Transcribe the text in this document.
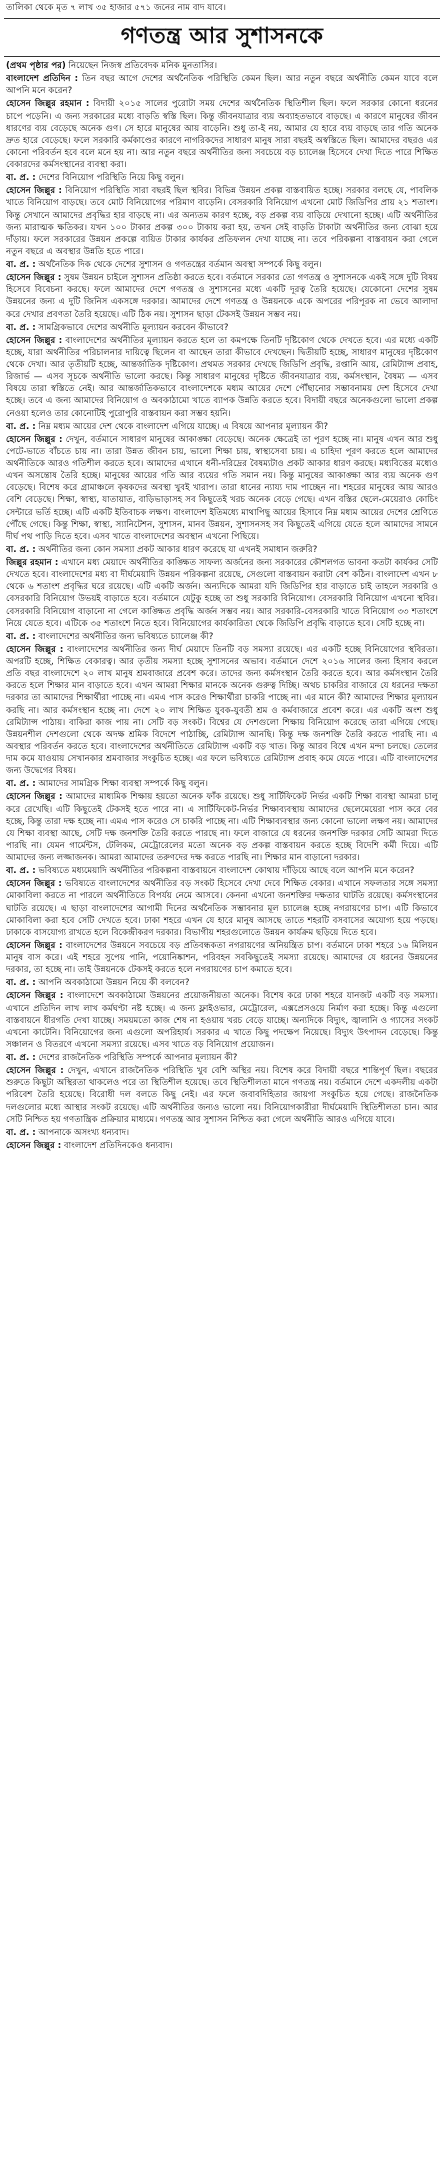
তালিকা থেকে মৃত ৭ লাখ ৩৫ হাজার ৫৭১ জনের নাম বাদ যাবে।
গণতন্ত্র আর সুশাসনকে

(প্রথম পৃষ্ঠার পর) নিয়েছেন নিজস্ব প্রতিবেদক মনিক মুনতাসির।

বাংলাদেশ প্রতিদিন : তিন বছর আগে দেশের অর্থনৈতিক পরিস্থিতি কেমন ছিল। আর নতুন বছরে অর্থনীতি কেমন যাবে বলে আপনি মনে করেন?

হোসেন জিল্লুর রহমান : বিদায়ী ২০১৫ সালের পুরোটা সময় দেশের অর্থনৈতিক স্থিতিশীল ছিল। ফলে সরকার কোনো ধরনের চাপে পড়েনি। এ জন্য সরকারের মধ্যে বাড়তি স্বস্তি ছিল। কিন্তু জীবনযাত্রার ব্যয় অব্যাহতভাবে বাড়ছে। এ কারণে মানুষের জীবন ধারণের ব্যয় বেড়েছে অনেক গুণ। সে হারে মানুষের আয় বাড়েনি। শুধু তা-ই নয়, আমার যে হারে ব্যয় বাড়ছে তার গতি অনেক দ্রুত হারে বেড়েছে। ফলে সরকারি কর্মকাণ্ডের কারণে নাগরিকদের সাধারণ মানুষ সারা বছরই অস্বস্তিতে ছিল। আমাদের বছরও এর কোনো পরিবর্তন হবে বলে মনে হয় না। আর নতুন বছরে অর্থনীতির জন্য সবচেয়ে বড় চ্যালেঞ্জ হিসেবে দেখা দিতে পারে শিক্ষিত বেকারদের কর্মসংস্থানের ব্যবস্থা করা।

বা. প্র. : দেশের বিনিয়োগ পরিস্থিতি নিয়ে কিছু বলুন।

হোসেন জিল্লুর : বিনিয়োগ পরিস্থিতি সারা বছরই ছিল স্থবির। বিভিন্ন উন্নয়ন প্রকল্প বাস্তবায়িত হচ্ছে। সরকার বলছে যে, পাবলিক খাতে বিনিয়োগ বাড়ছে। তবে মোট বিনিয়োগের পরিমাণ বাড়েনি। বেসরকারি বিনিয়োগ এখনো মোট জিডিপির প্রায় ২১ শতাংশ। কিন্তু সেখানে আমাদের প্রবৃদ্ধির হার বাড়ছে না। এর অন্যতম কারণ হচ্ছে, বড় প্রকল্প ব্যয় বাড়িয়ে দেখানো হচ্ছে। এটি অর্থনীতির জন্য মারাত্মক ক্ষতিকর। যখন ১০০ টাকার প্রকল্প ৩০০ টাকায় করা হয়, তখন সেই বাড়তি টাকাটা অর্থনীতির জন্য বোঝা হয়ে দাঁড়ায়। ফলে সরকারের উন্নয়ন প্রকল্পে ব্যয়িত টাকার কার্যকর প্রতিফলন দেখা যাচ্ছে না। তবে পরিকল্পনা বাস্তবায়ন করা গেলে নতুন বছরে এ অবস্থার উন্নতি হতে পারে।

বা. প্র. : অর্থনৈতিক দিক থেকে দেশের সুশাসন ও গণতন্ত্রের বর্তমান অবস্থা সম্পর্কে কিছু বলুন।

হোসেন জিল্লুর : সুষম উন্নয়ন চাইলে সুশাসন প্রতিষ্ঠা করতে হবে। বর্তমানে সরকার তো গণতন্ত্র ও সুশাসনকে একই সঙ্গে দুটি বিষয় হিসেবে বিবেচনা করছে। ফলে আমাদের দেশে গণতন্ত্র ও সুশাসনের মধ্যে একটি দূরত্ব তৈরি হয়েছে। যেকোনো দেশের সুষম উন্নয়নের জন্য এ দুটি জিনিস একসঙ্গে দরকার। আমাদের দেশে গণতন্ত্র ও উন্নয়নকে একে অপরের পরিপূরক না ভেবে আলাদা করে দেখার প্রবণতা তৈরি হয়েছে। এটি ঠিক নয়। সুশাসন ছাড়া টেকসই উন্নয়ন সম্ভব নয়।

বা. প্র. : সামগ্রিকভাবে দেশের অর্থনীতি মূল্যায়ন করবেন কীভাবে?

হোসেন জিল্লুর : বাংলাদেশের অর্থনীতির মূল্যায়ন করতে হলে তা কমপক্ষে তিনটি দৃষ্টিকোণ থেকে দেখতে হবে। এর মধ্যে একটি হচ্ছে, যারা অর্থনীতির পরিচালনার দায়িত্বে ছিলেন বা আছেন তারা কীভাবে দেখছেন। দ্বিতীয়টি হচ্ছে, সাধারণ মানুষের দৃষ্টিকোণ থেকে দেখা। আর তৃতীয়টি হচ্ছে, আন্তর্জাতিক দৃষ্টিকোণ। প্রথমত সরকার দেখছে জিডিপি প্রবৃদ্ধি, রপ্তানি আয়, রেমিট্যান্স প্রবাহ, রিজার্ভ — এসব সূচকে অর্থনীতি ভালো করছে। কিন্তু সাধারণ মানুষের দৃষ্টিতে জীবনযাত্রার ব্যয়, কর্মসংস্থান, বৈষম্য — এসব বিষয়ে তারা স্বস্তিতে নেই। আর আন্তর্জাতিকভাবে বাংলাদেশকে মধ্যম আয়ের দেশে পৌঁছানোর সম্ভাবনাময় দেশ হিসেবে দেখা হচ্ছে। তবে এ জন্য আমাদের বিনিয়োগ ও অবকাঠামো খাতে ব্যাপক উন্নতি করতে হবে। বিদায়ী বছরে অনেকগুলো ভালো প্রকল্প নেওয়া হলেও তার কোনোটিই পুরোপুরি বাস্তবায়ন করা সম্ভব হয়নি।

বা. প্র. : নিম্ন মধ্যম আয়ের দেশ থেকে বাংলাদেশ এগিয়ে যাচ্ছে। এ বিষয়ে আপনার মূল্যায়ন কী?

হোসেন জিল্লুর : দেখুন, বর্তমানে সাধারণ মানুষের আকাঙ্ক্ষা বেড়েছে। অনেক ক্ষেত্রেই তা পূরণ হচ্ছে না। মানুষ এখন আর শুধু পেটে-ভাতে বাঁচতে চায় না। তারা উন্নত জীবন চায়, ভালো শিক্ষা চায়, স্বাস্থ্যসেবা চায়। এ চাহিদা পূরণ করতে হলে আমাদের অর্থনীতিকে আরও গতিশীল করতে হবে। আমাদের এখানে ধনী-দরিদ্রের বৈষম্যটাও প্রকট আকার ধারণ করছে। মধ্যবিত্তের মধ্যেও এখন অসন্তোষ তৈরি হচ্ছে। মানুষের আয়ের গতি আর ব্যয়ের গতি সমান নয়। কিন্তু মানুষের আকাঙ্ক্ষা আর ব্যয় অনেক গুণ বেড়েছে। বিশেষ করে গ্রামাঞ্চলে কৃষকদের অবস্থা খুবই খারাপ। তারা ধানের ন্যায্য দাম পাচ্ছেন না। শহরের মানুষের আয় আরও বেশি বেড়েছে। শিক্ষা, স্বাস্থ্য, যাতায়াত, বাড়িভাড়াসহ সব কিছুতেই খরচ অনেক বেড়ে গেছে। এখন বস্তির ছেলে-মেয়েরাও কোচিং সেন্টারে ভর্তি হচ্ছে। এটি একটি ইতিবাচক লক্ষণ। বাংলাদেশ ইতিমধ্যে মাথাপিছু আয়ের হিসাবে নিম্ন মধ্যম আয়ের দেশের শ্রেণিতে পৌঁছে গেছে। কিন্তু শিক্ষা, স্বাস্থ্য, স্যানিটেশন, সুশাসন, মানব উন্নয়ন, সুশাসনসহ সব কিছুতেই এগিয়ে যেতে হলে আমাদের সামনে দীর্ঘ পথ পাড়ি দিতে হবে। এসব খাতে বাংলাদেশের অবস্থান এখনো পিছিয়ে।

বা. প্র. : অর্থনীতির জন্য কোন সমস্যা প্রকট আকার ধারণ করেছে যা এখনই সমাধান জরুরি?

জিল্লুর রহমান : এখানে মধ্য মেয়াদে অর্থনীতির কাঙ্ক্ষিত সাফল্য অর্জনের জন্য সরকারের কৌশলগত ভাবনা কতটা কার্যকর সেটি দেখতে হবে। বাংলাদেশের মধ্য বা দীর্ঘমেয়াদি উন্নয়ন পরিকল্পনা রয়েছে, সেগুলো বাস্তবায়ন করাটা বেশ কঠিন। বাংলাদেশ এখন ৮ থেকে ৬ শতাংশ প্রবৃদ্ধির ঘরে রয়েছে। এটি একটি অর্জন। অন্যদিকে আমরা যদি জিডিপির হার বাড়াতে চাই তাহলে সরকারি ও বেসরকারি বিনিয়োগ উভয়ই বাড়াতে হবে। বর্তমানে যেটুকু হচ্ছে তা শুধু সরকারি বিনিয়োগ। বেসরকারি বিনিয়োগ এখনো স্থবির। বেসরকারি বিনিয়োগ বাড়ানো না গেলে কাঙ্ক্ষিত প্রবৃদ্ধি অর্জন সম্ভব নয়। আর সরকারি-বেসরকারি খাতে বিনিয়োগ ৩৩ শতাংশে নিয়ে যেতে হবে। এটিকে ৩৫ শতাংশে নিতে হবে। বিনিয়োগের কার্যকারিতা থেকে জিডিপি প্রবৃদ্ধি বাড়াতে হবে। সেটি হচ্ছে না।

বা. প্র. : বাংলাদেশের অর্থনীতির জন্য ভবিষ্যতে চ্যালেঞ্জ কী?

হোসেন জিল্লুর : বাংলাদেশের অর্থনীতির জন্য দীর্ঘ মেয়াদে তিনটি বড় সমস্যা রয়েছে। এর একটি হচ্ছে বিনিয়োগের স্থবিরতা। অপরটি হচ্ছে, শিক্ষিত বেকারত্ব। আর তৃতীয় সমস্যা হচ্ছে সুশাসনের অভাব। বর্তমানে দেশে ২০১৬ সালের জন্য হিসাব করলে প্রতি বছর বাংলাদেশে ২০ লাখ মানুষ শ্রমবাজারে প্রবেশ করে। তাদের জন্য কর্মসংস্থান তৈরি করতে হবে। আর কর্মসংস্থান তৈরি করতে হলে শিক্ষার মান বাড়াতে হবে। এখন আমরা শিক্ষার মানকে অনেক গুরুত্ব দিচ্ছি। অথচ চাকরির বাজারে যে ধরনের দক্ষতা দরকার তা আমাদের শিক্ষার্থীরা পাচ্ছে না। এমএ পাস করেও শিক্ষার্থীরা চাকরি পাচ্ছে না। এর মানে কী? আমাদের শিক্ষার মূল্যায়ন করছি না। আর কর্মসংস্থান হচ্ছে না। দেশে ২০ লাখ শিক্ষিত যুবক-যুবতী শ্রম ও কর্মবাজারে প্রবেশ করে। এর একটি অংশ শুধু রেমিট্যান্স পাঠায়। বাকিরা কাজ পায় না। সেটি বড় সংকট। বিশ্বের যে দেশগুলো শিক্ষায় বিনিয়োগ করেছে তারা এগিয়ে গেছে। উন্নয়নশীল দেশগুলো থেকে অদক্ষ শ্রমিক বিদেশে পাঠাচ্ছি, রেমিট্যান্স আনছি। কিন্তু দক্ষ জনশক্তি তৈরি করতে পারছি না। এ অবস্থার পরিবর্তন করতে হবে। বাংলাদেশের অর্থনীতিতে রেমিট্যান্স একটি বড় খাত। কিন্তু আরব বিশ্বে এখন মন্দা চলছে। তেলের দাম কমে যাওয়ায় সেখানকার শ্রমবাজার সংকুচিত হচ্ছে। এর ফলে ভবিষ্যতে রেমিট্যান্স প্রবাহ কমে যেতে পারে। এটি বাংলাদেশের জন্য উদ্বেগের বিষয়।

বা. প্র. : আমাদের সামগ্রিক শিক্ষা ব্যবস্থা সম্পর্কে কিছু বলুন।

হোসেন জিল্লুর : আমাদের মাধ্যমিক শিক্ষায় হয়তো অনেক ফাঁক রয়েছে। শুধু সার্টিফিকেট নির্ভর একটি শিক্ষা ব্যবস্থা আমরা চালু করে রেখেছি। এটি কিছুতেই টেকসই হতে পারে না। এ সার্টিফিকেট-নির্ভর শিক্ষাব্যবস্থায় আমাদের ছেলেমেয়েরা পাস করে বের হচ্ছে, কিন্তু তারা দক্ষ হচ্ছে না। এমএ পাস করেও সে চাকরি পাচ্ছে না। এটি শিক্ষাব্যবস্থার জন্য কোনো ভালো লক্ষণ নয়। আমাদের যে শিক্ষা ব্যবস্থা আছে, সেটি দক্ষ জনশক্তি তৈরি করতে পারছে না। ফলে বাজারে যে ধরনের জনশক্তি দরকার সেটি আমরা দিতে পারছি না। যেমন গার্মেন্টস, টেলিকম, মেট্রোরেলের মতো অনেক বড় প্রকল্প বাস্তবায়ন করতে হচ্ছে বিদেশি কর্মী দিয়ে। এটি আমাদের জন্য লজ্জাজনক। আমরা আমাদের তরুণদের দক্ষ করতে পারছি না। শিক্ষার মান বাড়ানো দরকার।

বা. প্র. : ভবিষ্যতে মধ্যমেয়াদি অর্থনীতির পরিকল্পনা বাস্তবায়নে বাংলাদেশ কোথায় দাঁড়িয়ে আছে বলে আপনি মনে করেন?

হোসেন জিল্লুর : ভবিষ্যতে বাংলাদেশের অর্থনীতির বড় সংকট হিসেবে দেখা দেবে শিক্ষিত বেকার। এখানে সফলতার সঙ্গে সমস্যা মোকাবিলা করতে না পারলে অর্থনীতিতে বিপর্যয় নেমে আসবে। কেননা এখনো জনশক্তির দক্ষতার ঘাটতি রয়েছে। কর্মসংস্থানের ঘাটতি রয়েছে। এ ছাড়া বাংলাদেশের আগামী দিনের অর্থনৈতিক সম্ভাবনার মূল চ্যালেঞ্জ হচ্ছে নগরায়ণের চাপ। এটি কিভাবে মোকাবিলা করা হবে সেটি দেখতে হবে। ঢাকা শহরে এখন যে হারে মানুষ আসছে তাতে শহরটি বসবাসের অযোগ্য হয়ে পড়ছে। ঢাকাকে বাসযোগ্য রাখতে হলে বিকেন্দ্রীকরণ দরকার। বিভাগীয় শহরগুলোতে উন্নয়ন কার্যক্রম ছড়িয়ে দিতে হবে।

হোসেন জিল্লুর : বাংলাদেশের উন্নয়নে সবচেয়ে বড় প্রতিবন্ধকতা নগরায়ণের অনিয়ন্ত্রিত চাপ। বর্তমানে ঢাকা শহরে ১৬ মিলিয়ন মানুষ বাস করে। এই শহরে সুপেয় পানি, পয়োনিষ্কাশন, পরিবহন সবকিছুতেই সমস্যা রয়েছে। আমাদের যে ধরনের উন্নয়নের দরকার, তা হচ্ছে না। তাই উন্নয়নকে টেকসই করতে হলে নগরায়ণের চাপ কমাতে হবে।

বা. প্র. : আপনি অবকাঠামো উন্নয়ন নিয়ে কী বলবেন?

হোসেন জিল্লুর : বাংলাদেশে অবকাঠামো উন্নয়নের প্রয়োজনীয়তা অনেক। বিশেষ করে ঢাকা শহরে যানজট একটি বড় সমস্যা। এখানে প্রতিদিন লাখ লাখ কর্মঘণ্টা নষ্ট হচ্ছে। এ জন্য ফ্লাইওভার, মেট্রোরেল, এক্সপ্রেসওয়ে নির্মাণ করা হচ্ছে। কিন্তু এগুলো বাস্তবায়নে ধীরগতি দেখা যাচ্ছে। সময়মতো কাজ শেষ না হওয়ায় খরচ বেড়ে যাচ্ছে। অন্যদিকে বিদ্যুৎ, জ্বালানি ও গ্যাসের সংকট এখনো কাটেনি। বিনিয়োগের জন্য এগুলো অপরিহার্য। সরকার এ খাতে কিছু পদক্ষেপ নিয়েছে। বিদ্যুৎ উৎপাদন বেড়েছে। কিন্তু সঞ্চালন ও বিতরণে এখনো সমস্যা রয়েছে। এসব খাতে বড় বিনিয়োগ প্রয়োজন।

বা. প্র. : দেশের রাজনৈতিক পরিস্থিতি সম্পর্কে আপনার মূল্যায়ন কী?

হোসেন জিল্লুর : দেখুন, এখানে রাজনৈতিক পরিস্থিতি খুব বেশি অস্থির নয়। বিশেষ করে বিদায়ী বছরে শান্তিপূর্ণ ছিল। বছরের শুরুতে কিছুটা অস্থিরতা থাকলেও পরে তা স্থিতিশীল হয়েছে। তবে স্থিতিশীলতা মানে গণতন্ত্র নয়। বর্তমানে দেশে একদলীয় একটা পরিবেশ তৈরি হয়েছে। বিরোধী দল বলতে কিছু নেই। এর ফলে জবাবদিহিতার জায়গা সংকুচিত হয়ে গেছে। রাজনৈতিক দলগুলোর মধ্যে আস্থার সংকট রয়েছে। এটি অর্থনীতির জন্যও ভালো নয়। বিনিয়োগকারীরা দীর্ঘমেয়াদি স্থিতিশীলতা চান। আর সেটি নিশ্চিত হয় গণতান্ত্রিক প্রক্রিয়ার মাধ্যমে। গণতন্ত্র আর সুশাসন নিশ্চিত করা গেলে অর্থনীতি আরও এগিয়ে যাবে।

বা. প্র. : আপনাকে অসংখ্য ধন্যবাদ।

হোসেন জিল্লুর : বাংলাদেশ প্রতিদিনকেও ধন্যবাদ।
